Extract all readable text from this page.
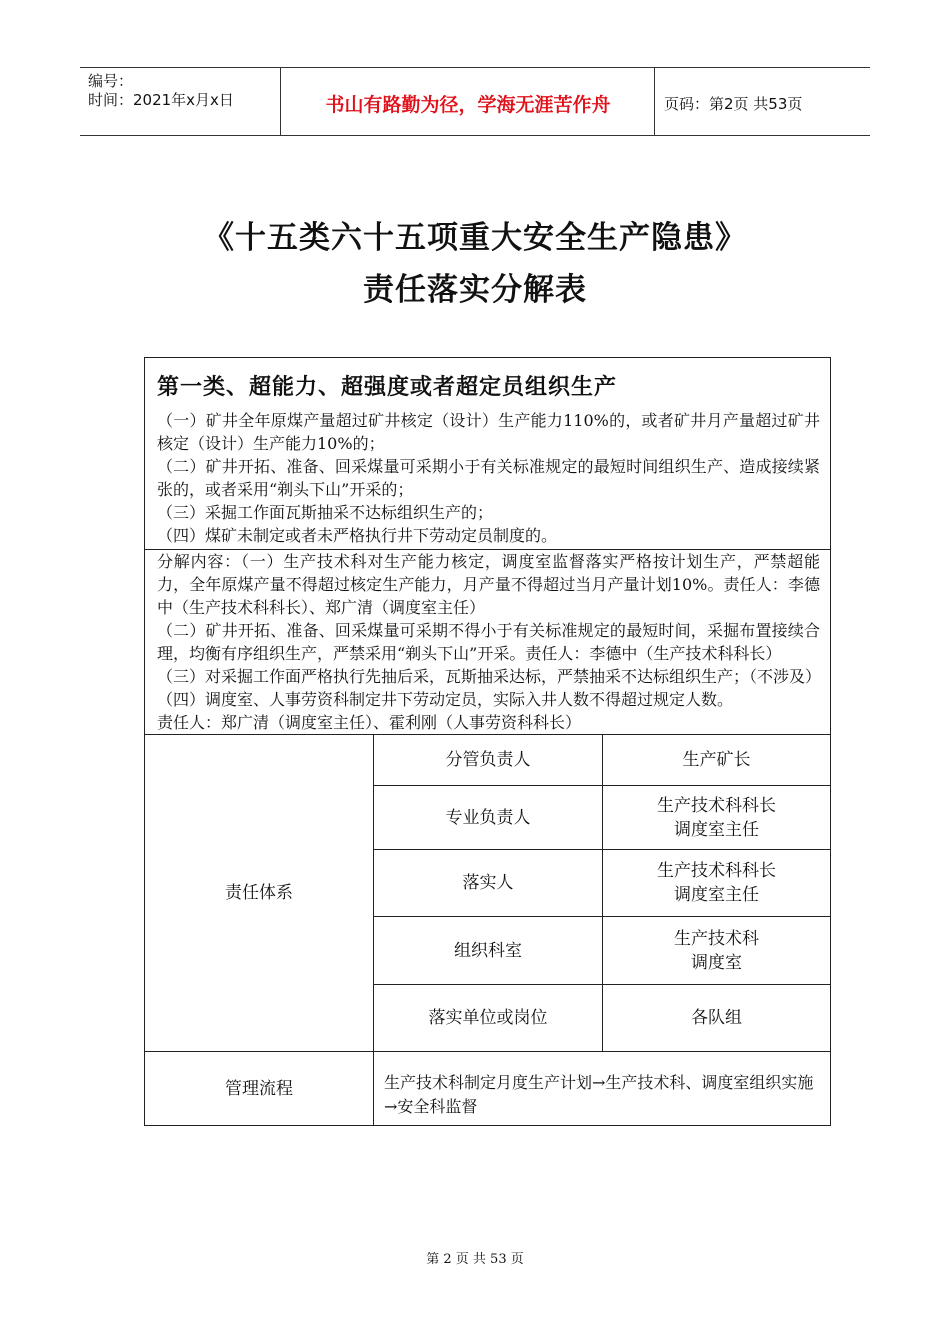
编号：
时间：2021年x月x日	书山有路勤为径，学海无涯苦作舟	页码：第2页 共53页
《十五类六十五项重大安全生产隐患》
责任落实分解表
第一类、超能力、超强度或者超定员组织生产		

（一）矿井全年原煤产量超过矿井核定（设计）生产能力110%的，或者矿井月产量超过矿井核定（设计）生产能力10%的；
（二）矿井开拓、准备、回采煤量可采期小于有关标准规定的最短时间组织生产、造成接续紧张的，或者采用“剃头下山”开采的；
（三）采掘工作面瓦斯抽采不达标组织生产的；
（四）煤矿未制定或者未严格执行井下劳动定员制度的。		

分解内容：（一）生产技术科对生产能力核定，调度室监督落实严格按计划生产，严禁超能力，全年原煤产量不得超过核定生产能力，月产量不得超过当月产量计划10%。责任人：李德中（生产技术科科长）、郑广清（调度室主任）
（二）矿井开拓、准备、回采煤量可采期不得小于有关标准规定的最短时间，采掘布置接续合理，均衡有序组织生产，严禁采用“剃头下山”开采。责任人：李德中（生产技术科科长）
（三）对采掘工作面严格执行先抽后采，瓦斯抽采达标，严禁抽采不达标组织生产；（不涉及）
（四）调度室、人事劳资科制定井下劳动定员，实际入井人数不得超过规定人数。
责任人：郑广清（调度室主任）、霍利刚（人事劳资科科长）		

责任体系	分管负责人	生产矿长

	专业负责人	生产技术科科长
调度室主任

	落实人	生产技术科科长
调度室主任

	组织科室	生产技术科
调度室

	落实单位或岗位	各队组

管理流程	生产技术科制定月度生产计划→生产技术科、调度室组织实施→安全科监督	
第 2 页 共 53 页
